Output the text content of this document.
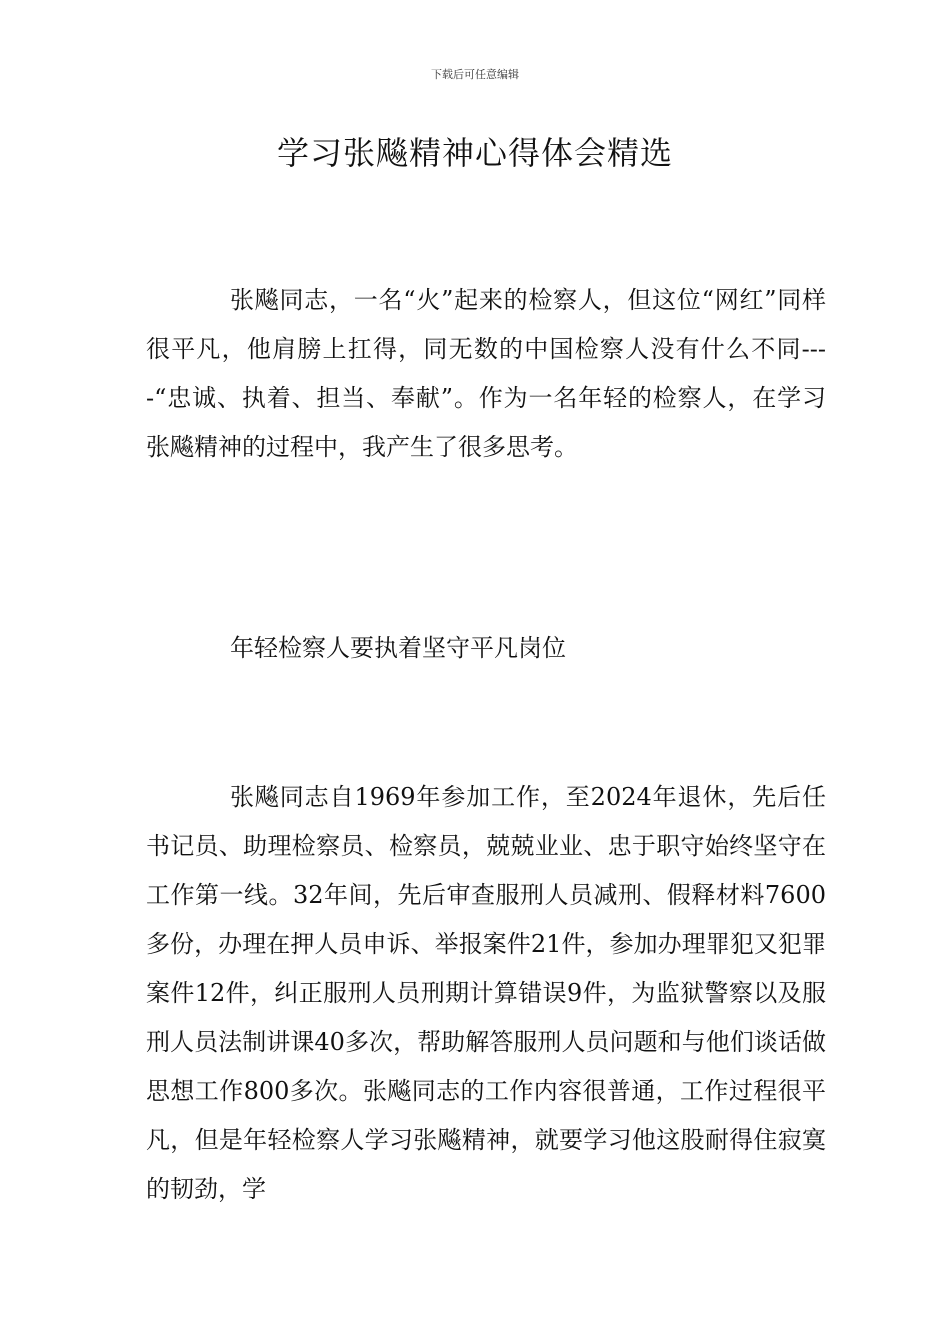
下载后可任意编辑
学习张飚精神心得体会精选

张飚同志，一名“火”起来的检察人，但这位“网红”同样很平凡，他肩膀上扛得，同无数的中国检察人没有什么不同----“忠诚、执着、担当、奉献”。作为一名年轻的检察人，在学习张飚精神的过程中，我产生了很多思考。

年轻检察人要执着坚守平凡岗位

张飚同志自1969年参加工作，至2024年退休，先后任书记员、助理检察员、检察员，兢兢业业、忠于职守始终坚守在工作第一线。32年间，先后审查服刑人员减刑、假释材料7600多份，办理在押人员申诉、举报案件21件，参加办理罪犯又犯罪案件12件，纠正服刑人员刑期计算错误9件，为监狱警察以及服刑人员法制讲课40多次，帮助解答服刑人员问题和与他们谈话做思想工作800多次。张飚同志的工作内容很普通，工作过程很平凡，但是年轻检察人学习张飚精神，就要学习他这股耐得住寂寞的韧劲，学
